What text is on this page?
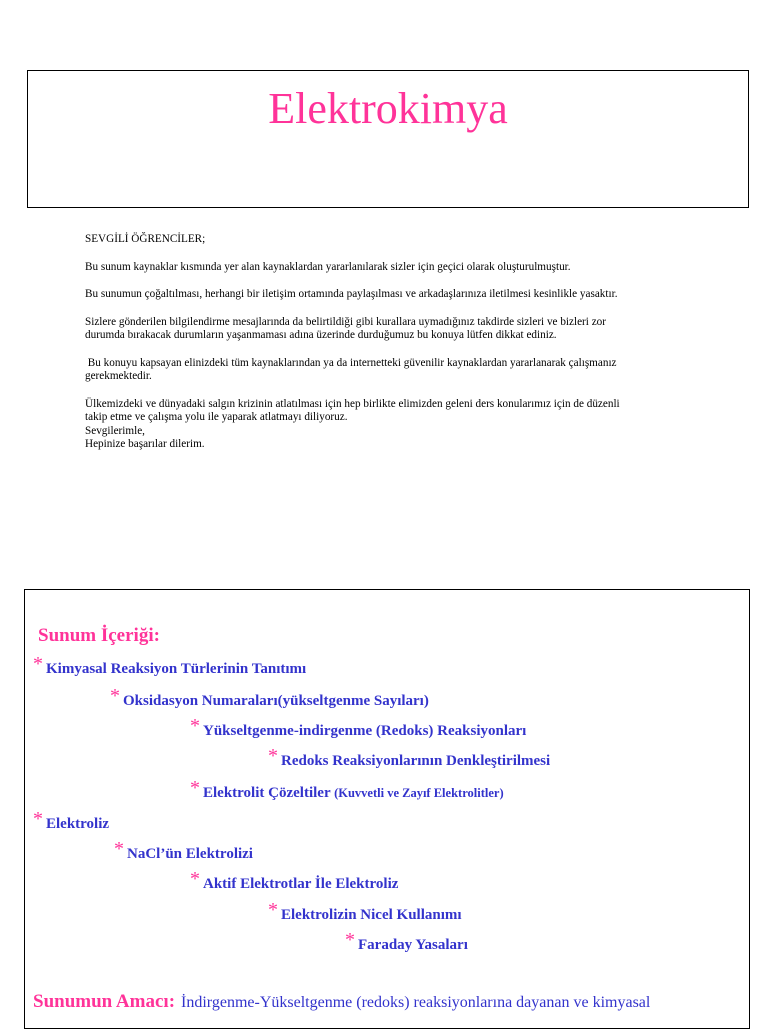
Elektrokimya

SEVGİLİ ÖĞRENCİLER;

Bu sunum kaynaklar kısmında yer alan kaynaklardan yararlanılarak sizler için geçici olarak oluşturulmuştur.

Bu sunumun çoğaltılması, herhangi bir iletişim ortamında paylaşılması ve arkadaşlarınıza iletilmesi kesinlikle yasaktır.

Sizlere gönderilen bilgilendirme mesajlarında da belirtildiği gibi kurallara uymadığınız takdirde sizleri ve bizleri zor

durumda bırakacak durumların yaşanmaması adına üzerinde durduğumuz bu konuya lütfen dikkat ediniz.

Bu konuyu kapsayan elinizdeki tüm kaynaklarından ya da internetteki güvenilir kaynaklardan yararlanarak çalışmanız

gerekmektedir.

Ülkemizdeki ve dünyadaki salgın krizinin atlatılması için hep birlikte elimizden geleni ders konularımız için de düzenli

takip etme ve çalışma yolu ile yaparak atlatmayı diliyoruz.

Sevgilerimle,

Hepinize başarılar dilerim.

Sunum İçeriği:
* Kimyasal Reaksiyon Türlerinin Tanıtımı
* Oksidasyon Numaraları(yükseltgenme Sayıları)
* Yükseltgenme-indirgenme (Redoks) Reaksiyonları
* Redoks Reaksiyonlarının Denkleştirilmesi
* Elektrolit Çözeltiler (Kuvvetli ve Zayıf Elektrolitler)
* Elektroliz
* NaCl’ün Elektrolizi
* Aktif Elektrotlar İle Elektroliz
* Elektrolizin Nicel Kullanımı
* Faraday Yasaları
Sunumun Amacı: İndirgenme-Yükseltgenme (redoks) reaksiyonlarına dayanan ve kimyasal
